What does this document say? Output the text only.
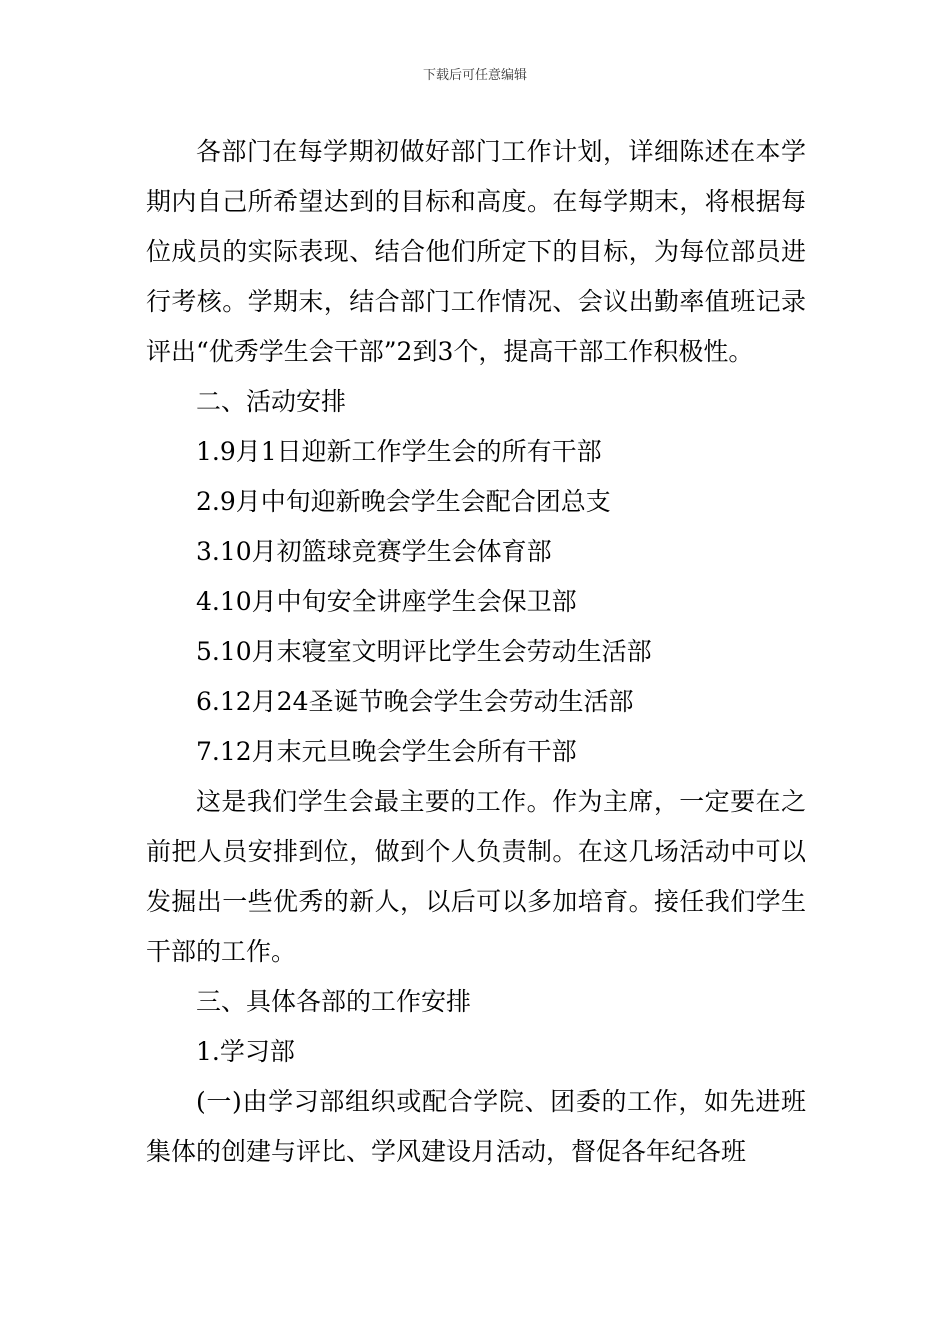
下载后可任意编辑

各部门在每学期初做好部门工作计划，详细陈述在本学期内自己所希望达到的目标和高度。在每学期末，将根据每位成员的实际表现、结合他们所定下的目标，为每位部员进行考核。学期末，结合部门工作情况、会议出勤率值班记录评出“优秀学生会干部”2到3个，提高干部工作积极性。

二、活动安排

1.9月1日迎新工作学生会的所有干部

2.9月中旬迎新晚会学生会配合团总支

3.10月初篮球竞赛学生会体育部

4.10月中旬安全讲座学生会保卫部

5.10月末寝室文明评比学生会劳动生活部

6.12月24圣诞节晚会学生会劳动生活部

7.12月末元旦晚会学生会所有干部

这是我们学生会最主要的工作。作为主席，一定要在之前把人员安排到位，做到个人负责制。在这几场活动中可以发掘出一些优秀的新人，以后可以多加培育。接任我们学生干部的工作。

三、具体各部的工作安排

1.学习部

(一)由学习部组织或配合学院、团委的工作，如先进班集体的创建与评比、学风建设月活动，督促各年纪各班
